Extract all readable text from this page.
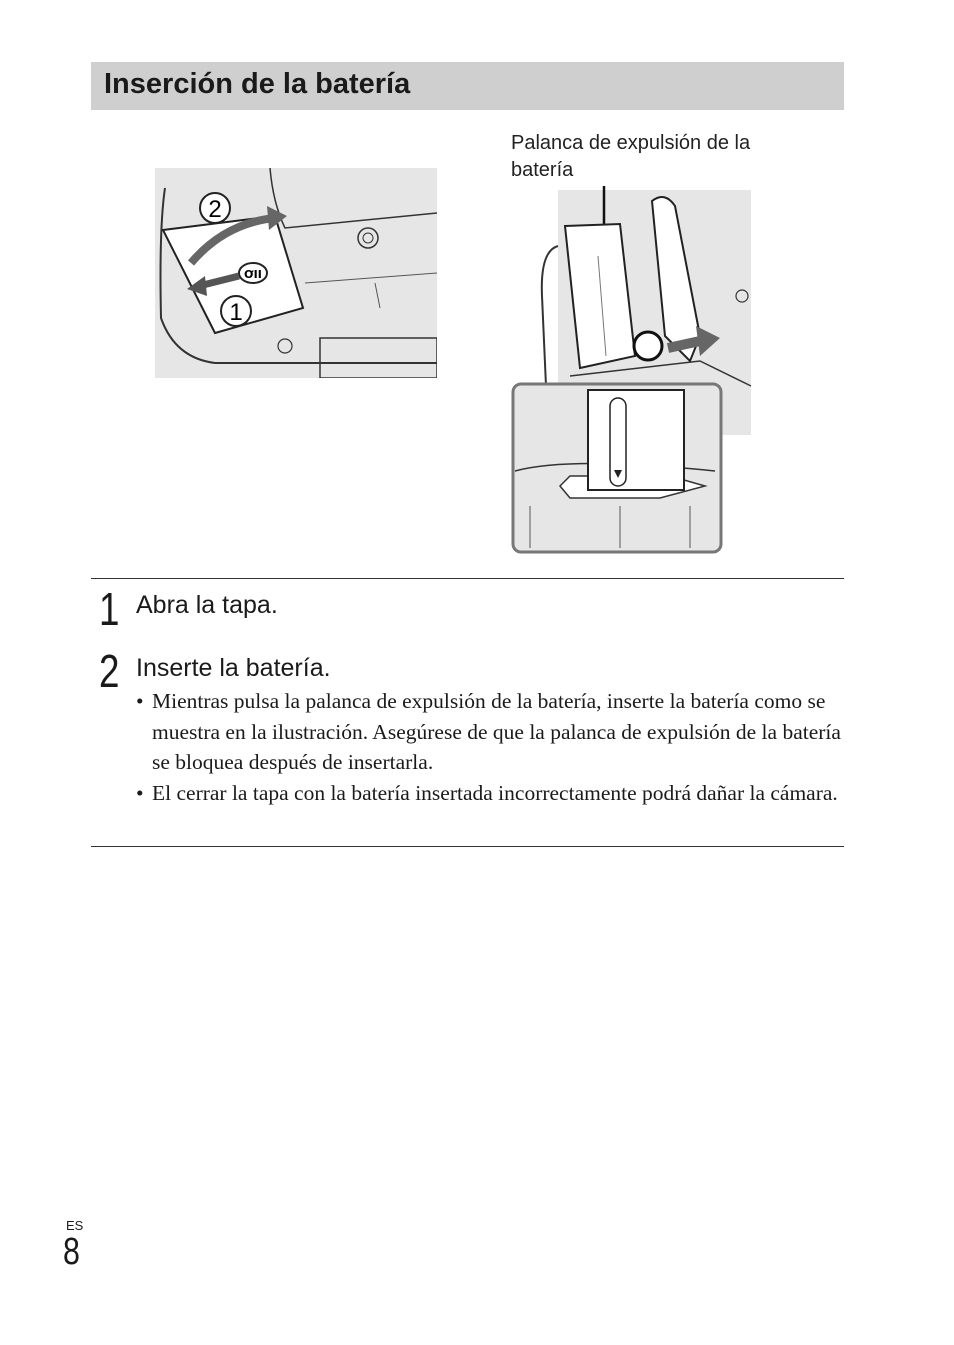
Inserción de la batería
ƠII
2
1
Palanca de expulsión de la batería
1 Abra la tapa.
2 Inserte la batería.

• Mientras pulsa la palanca de expulsión de la batería, inserte la batería como se muestra en la ilustración. Asegúrese de que la palanca de expulsión de la batería se bloquea después de insertarla.

• El cerrar la tapa con la batería insertada incorrectamente podrá dañar la cámara.

ES
8
